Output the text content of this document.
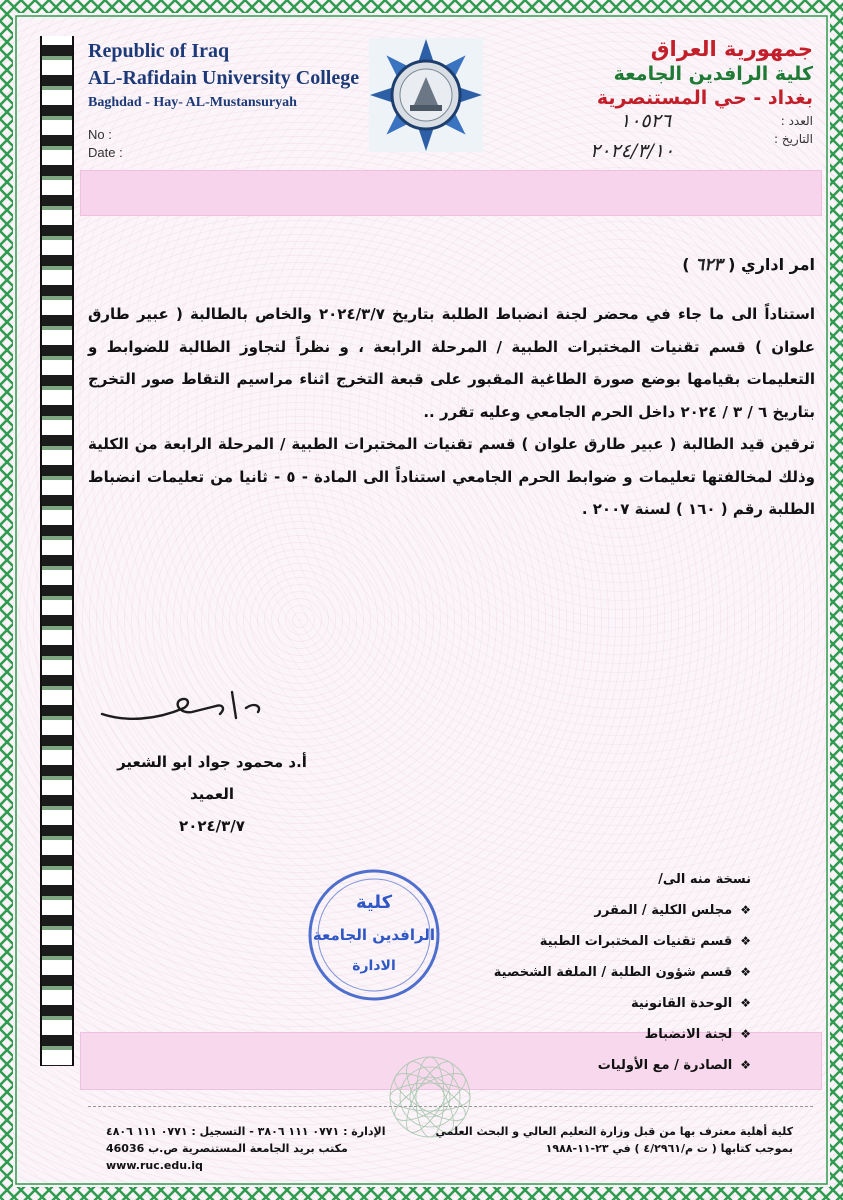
Republic of Iraq
AL-Rafidain University College
Baghdad - Hay- AL-Mustansuryah
No :
Date :
جمهورية العراق
كلية الرافدين الجامعة
بغداد - حي المستنصرية
العدد :
التاريخ :
١٠٥٢٦
٢٠٢٤/٣/١٠
امر اداري ( ٦٢٣ )

استناداً الى ما جاء في محضر لجنة انضباط الطلبة بتاريخ ٢٠٢٤/٣/٧ والخاص بالطالبة ( عبير طارق علوان ) قسم تقنيات المختبرات الطبية / المرحلة الرابعة ، و نظراً لتجاوز الطالبة للضوابط و التعليمات بقيامها بوضع صورة الطاغية المقبور على قبعة التخرج اثناء مراسيم التقاط صور التخرج بتاريخ ٦ / ٣ / ٢٠٢٤ داخل الحرم الجامعي وعليه تقرر ..

ترقين قيد الطالبة ( عبير طارق علوان ) قسم تقنيات المختبرات الطبية / المرحلة الرابعة من الكلية وذلك لمخالفتها تعليمات و ضوابط الحرم الجامعي استناداً الى المادة - ٥ - ثانيا من تعليمات انضباط الطلبة رقم ( ١٦٠ ) لسنة ٢٠٠٧ .

أ.د محمود جواد ابو الشعير
العميد
٢٠٢٤/٣/٧
كلية
الرافدين الجامعة
الادارة
نسخة منه الى/
❖مجلس الكلية / المقرر
❖قسم تقنيات المختبرات الطبية
❖قسم شؤون الطلبة / الملفة الشخصية
❖الوحدة القانونية
❖لجنة الانضباط
❖الصادرة / مع الأوليات
الإدارة : ٠٧٧١ ١١١ ٣٨٠٦ - التسجيل : ٠٧٧١ ١١١ ٤٨٠٦
مكتب بريد الجامعة المستنصرية ص.ب 46036
www.ruc.edu.iq
كلية أهلية معترف بها من قبل وزارة التعليم العالي و البحث العلمي
بموجب كتابها ( ت م/٤/٢٩٦١ ) في ٢٣-١١-١٩٨٨
